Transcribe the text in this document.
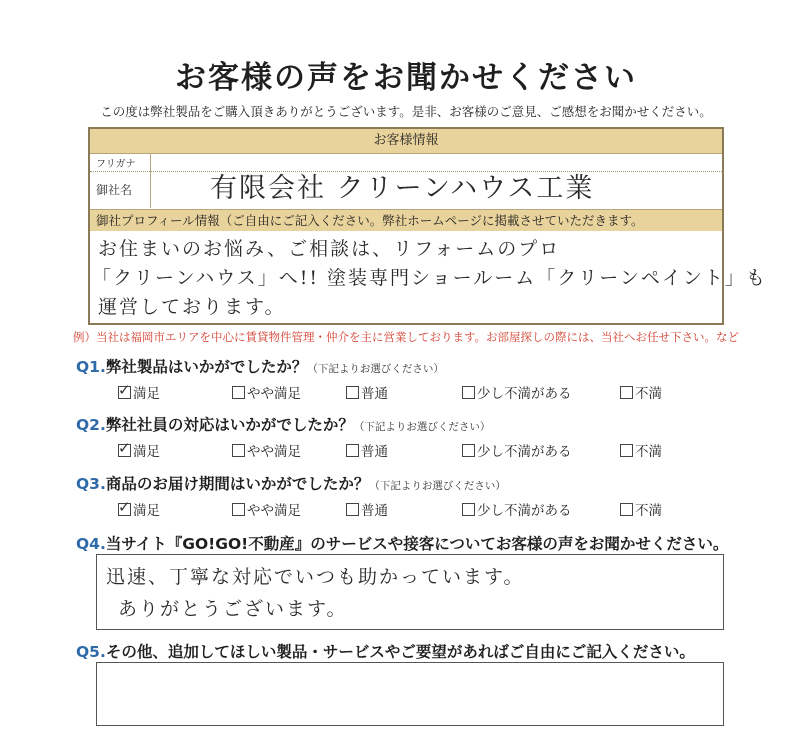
お客様の声をお聞かせください
この度は弊社製品をご購入頂きありがとうございます。是非、お客様のご意見、ご感想をお聞かせください。
お客様情報
フリガナ
御社名	有限会社 クリーンハウス工業
御社プロフィール情報（ご自由にご記入ください。弊社ホームページに掲載させていただきます。
お住まいのお悩み、ご相談は、リフォームのプロ
「クリーンハウス」へ!! 塗装専門ショールーム「クリーンペイント」も
運営しております。
例）当社は福岡市エリアを中心に賃貸物件管理・仲介を主に営業しております。お部屋探しの際には、当社へお任せ下さい。など
Q1.弊社製品はいかがでしたか？（下記よりお選びください）
✓
満足	やや満足	普通	少し不満がある	不満
Q2.弊社社員の対応はいかがでしたか？（下記よりお選びください）
✓
満足	やや満足	普通	少し不満がある	不満
Q3.商品のお届け期間はいかがでしたか？（下記よりお選びください）
✓
満足	やや満足	普通	少し不満がある	不満
Q4.当サイト『GO!GO!不動産』のサービスや接客についてお客様の声をお聞かせください。
迅速、丁寧な対応でいつも助かっています。
ありがとうございます。
Q5.その他、追加してほしい製品・サービスやご要望があればご自由にご記入ください。
